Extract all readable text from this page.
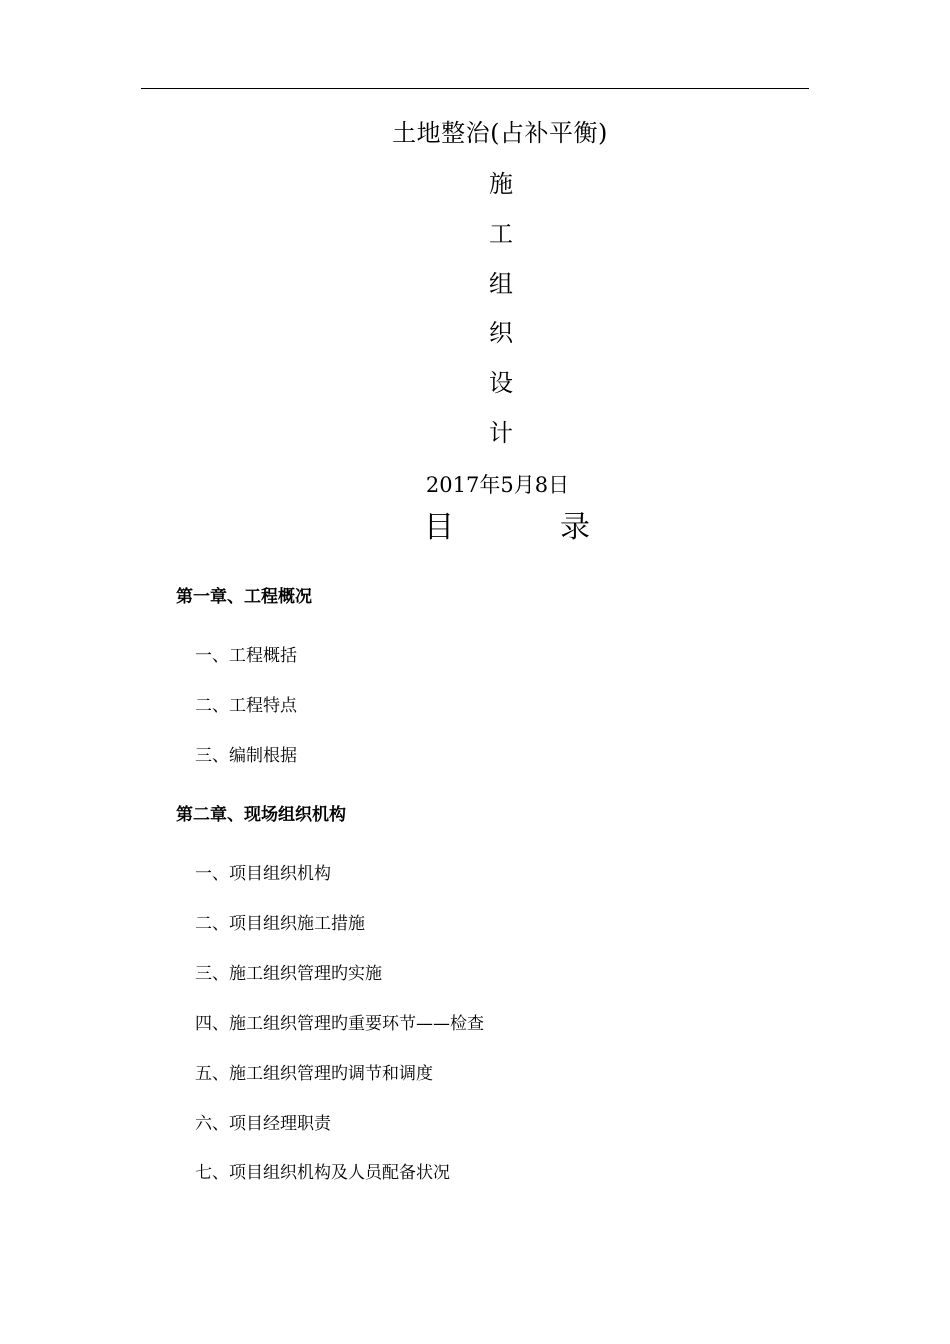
土地整治(占补平衡)
施
工
组
织
设
计
2017年5月8日
目	录
第一章、工程概况
一、工程概括
二、工程特点
三、编制根据
第二章、现场组织机构
一、项目组织机构
二、项目组织施工措施
三、施工组织管理旳实施
四、施工组织管理旳重要环节——检查
五、施工组织管理旳调节和调度
六、项目经理职责
七、项目组织机构及人员配备状况
